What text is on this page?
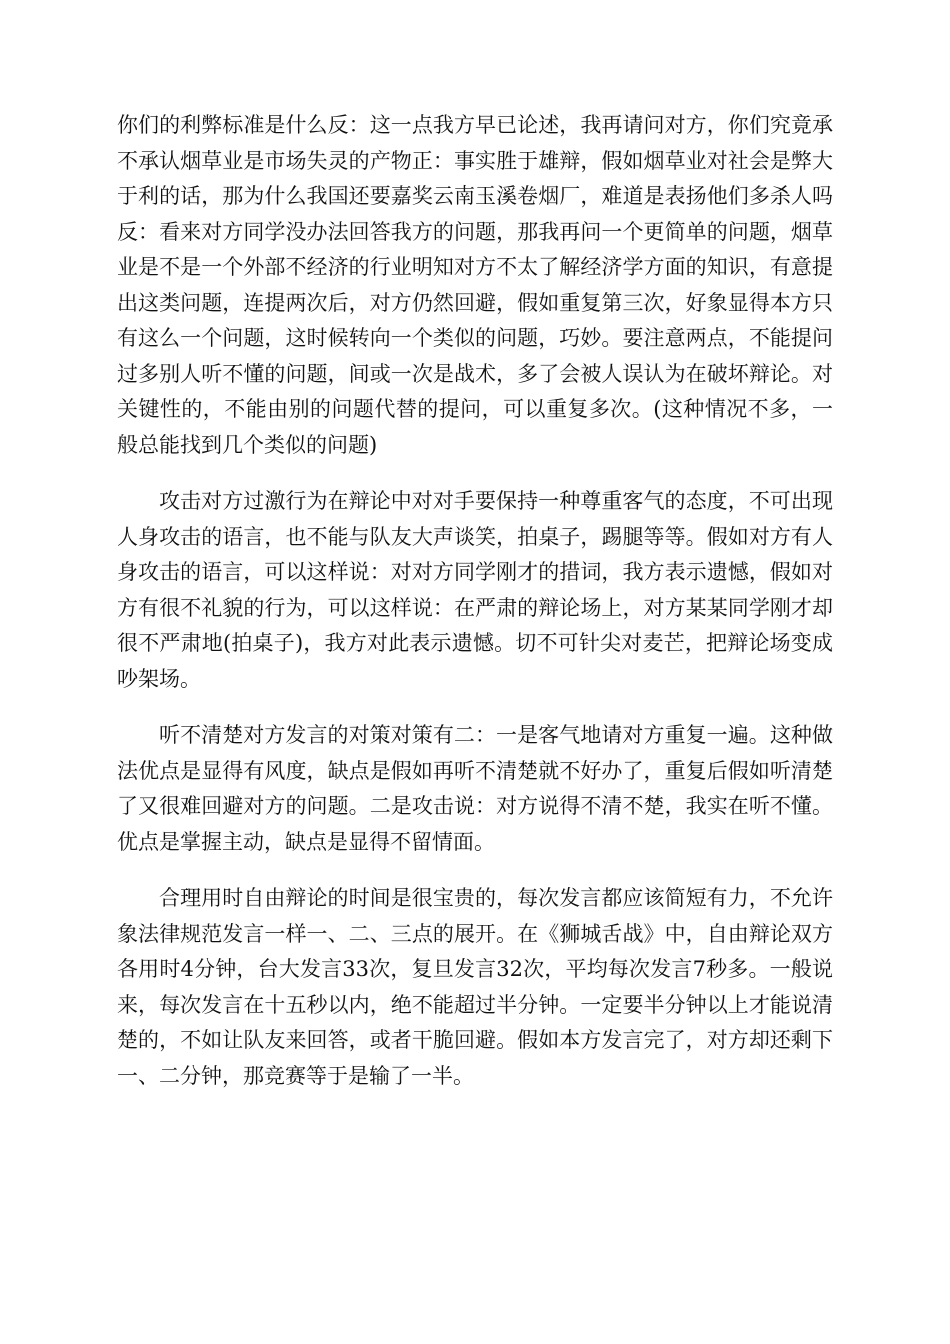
你们的利弊标准是什么反：这一点我方早已论述，我再请问对方，你们究竟承不承认烟草业是市场失灵的产物正：事实胜于雄辩，假如烟草业对社会是弊大于利的话，那为什么我国还要嘉奖云南玉溪卷烟厂，难道是表扬他们多杀人吗反：看来对方同学没办法回答我方的问题，那我再问一个更简单的问题，烟草业是不是一个外部不经济的行业明知对方不太了解经济学方面的知识，有意提出这类问题，连提两次后，对方仍然回避，假如重复第三次，好象显得本方只有这么一个问题，这时候转向一个类似的问题，巧妙。要注意两点，不能提问过多别人听不懂的问题，间或一次是战术，多了会被人误认为在破坏辩论。对关键性的，不能由别的问题代替的提问，可以重复多次。(这种情况不多，一般总能找到几个类似的问题)

攻击对方过激行为在辩论中对对手要保持一种尊重客气的态度，不可出现人身攻击的语言，也不能与队友大声谈笑，拍桌子，踢腿等等。假如对方有人身攻击的语言，可以这样说：对对方同学刚才的措词，我方表示遗憾，假如对方有很不礼貌的行为，可以这样说：在严肃的辩论场上，对方某某同学刚才却很不严肃地(拍桌子)，我方对此表示遗憾。切不可针尖对麦芒，把辩论场变成吵架场。

听不清楚对方发言的对策对策有二：一是客气地请对方重复一遍。这种做法优点是显得有风度，缺点是假如再听不清楚就不好办了，重复后假如听清楚了又很难回避对方的问题。二是攻击说：对方说得不清不楚，我实在听不懂。优点是掌握主动，缺点是显得不留情面。

合理用时自由辩论的时间是很宝贵的，每次发言都应该简短有力，不允许象法律规范发言一样一、二、三点的展开。在《狮城舌战》中，自由辩论双方各用时4分钟，台大发言33次，复旦发言32次，平均每次发言7秒多。一般说来，每次发言在十五秒以内，绝不能超过半分钟。一定要半分钟以上才能说清楚的，不如让队友来回答，或者干脆回避。假如本方发言完了，对方却还剩下一、二分钟，那竞赛等于是输了一半。
